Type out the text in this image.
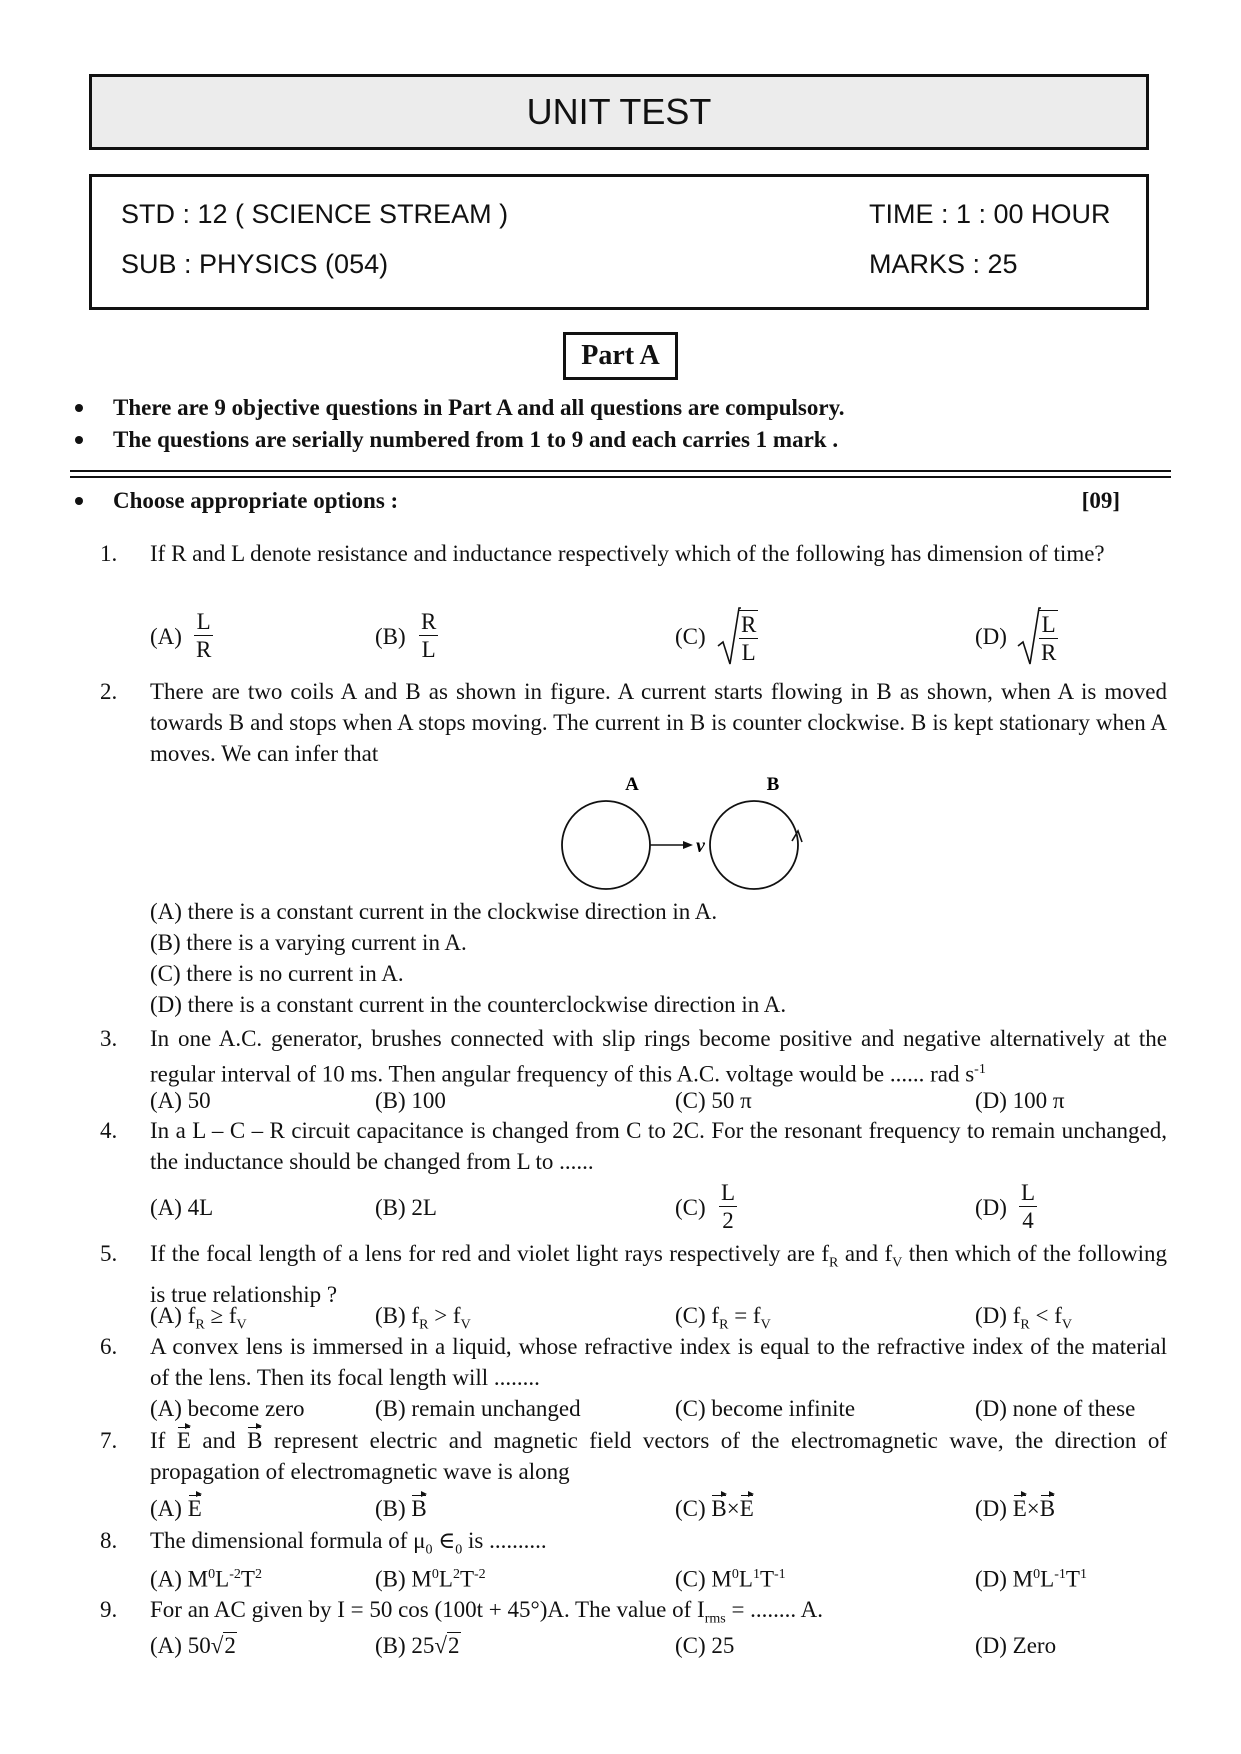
UNIT TEST
STD : 12 ( SCIENCE STREAM )	TIME : 1 : 00 HOUR
SUB : PHYSICS (054)	MARKS : 25
Part A
There are 9 objective questions in Part A and all questions are compulsory.
The questions are serially numbered from 1 to 9 and each carries 1 mark .
Choose appropriate options :	[09]
1. If R and L denote resistance and inductance respectively which of the following has dimension of time?
(A)
L
R
(B)
R
L
(C) R
L
(D) L
R
2. There are two coils A and B as shown in figure. A current starts flowing in B as shown, when A is moved towards B and stops when A stops moving. The current in B is counter clockwise. B is kept stationary when A moves. We can infer that
A	B
v
(A) there is a constant current in the clockwise direction in A.
(B) there is a varying current in A.
(C) there is no current in A.
(D) there is a constant current in the counterclockwise direction in A.
3. In one A.C. generator, brushes connected with slip rings become positive and negative alternatively at the regular interval of 10 ms. Then angular frequency of this A.C. voltage would be ...... rad $s^{-1}$
(A) 50	(B) 100	(C) 50 π	(D) 100 π
4. In a L – C – R circuit capacitance is changed from C to 2C. For the resonant frequency to remain unchanged, the inductance should be changed from L to ......
(A) 4L	(B) 2L	(C)
L
2
(D)
L
4
5. If the focal length of a lens for red and violet light rays respectively are $f_R$ and $f_V$ then which of the following is true relationship ?
(A) $f_R \ge f_V$	(B) $f_R > f_V$	(C) $f_R = f_V$	(D) $f_R < f_V$
6. A convex lens is immersed in a liquid, whose refractive index is equal to the refractive index of the material of the lens. Then its focal length will ........
(A) become zero	(B) remain unchanged	(C) become infinite	(D) none of these
7. If E and B represent electric and magnetic field vectors of the electromagnetic wave, the direction of propagation of electromagnetic wave is along
(A) E	(B) B	(C) B×E	(D) E×B
8. The dimensional formula of $\mu_0$ $\in_0$ is ..........
(A) $M^0L^{-2}T^2$	(B) $M^0L^2T^{-2}$	(C) $M^0L^1T^{-1}$	(D) $M^0L^{-1}T^1$
9. For an AC given by I = 50 cos (100t + 45°)A. The value of $I_{rms}$ = ........ A.
(A) 50√2	(B) 25√2	(C) 25	(D) Zero
